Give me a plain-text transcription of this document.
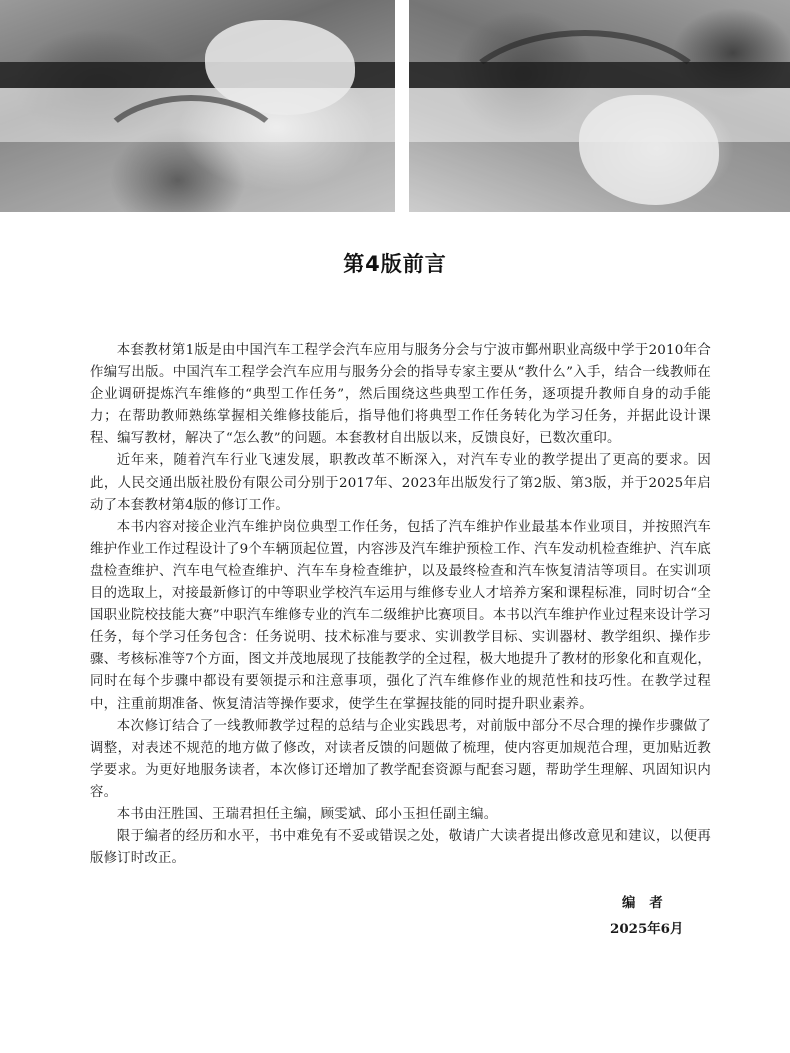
第4版前言

本套教材第1版是由中国汽车工程学会汽车应用与服务分会与宁波市鄞州职业高级中学于2010年合作编写出版。中国汽车工程学会汽车应用与服务分会的指导专家主要从“教什么”入手，结合一线教师在企业调研提炼汽车维修的“典型工作任务”，然后围绕这些典型工作任务，逐项提升教师自身的动手能力；在帮助教师熟练掌握相关维修技能后，指导他们将典型工作任务转化为学习任务，并据此设计课程、编写教材，解决了“怎么教”的问题。本套教材自出版以来，反馈良好，已数次重印。

近年来，随着汽车行业飞速发展，职教改革不断深入，对汽车专业的教学提出了更高的要求。因此，人民交通出版社股份有限公司分别于2017年、2023年出版发行了第2版、第3版，并于2025年启动了本套教材第4版的修订工作。

本书内容对接企业汽车维护岗位典型工作任务，包括了汽车维护作业最基本作业项目，并按照汽车维护作业工作过程设计了9个车辆顶起位置，内容涉及汽车维护预检工作、汽车发动机检查维护、汽车底盘检查维护、汽车电气检查维护、汽车车身检查维护，以及最终检查和汽车恢复清洁等项目。在实训项目的选取上，对接最新修订的中等职业学校汽车运用与维修专业人才培养方案和课程标准，同时切合“全国职业院校技能大赛”中职汽车维修专业的汽车二级维护比赛项目。本书以汽车维护作业过程来设计学习任务，每个学习任务包含：任务说明、技术标准与要求、实训教学目标、实训器材、教学组织、操作步骤、考核标准等7个方面，图文并茂地展现了技能教学的全过程，极大地提升了教材的形象化和直观化，同时在每个步骤中都设有要领提示和注意事项，强化了汽车维修作业的规范性和技巧性。在教学过程中，注重前期准备、恢复清洁等操作要求，使学生在掌握技能的同时提升职业素养。

本次修订结合了一线教师教学过程的总结与企业实践思考，对前版中部分不尽合理的操作步骤做了调整，对表述不规范的地方做了修改，对读者反馈的问题做了梳理，使内容更加规范合理，更加贴近教学要求。为更好地服务读者，本次修订还增加了教学配套资源与配套习题，帮助学生理解、巩固知识内容。

本书由汪胜国、王瑞君担任主编，顾雯斌、邱小玉担任副主编。

限于编者的经历和水平，书中难免有不妥或错误之处，敬请广大读者提出修改意见和建议，以便再版修订时改正。

编者
2025年6月
